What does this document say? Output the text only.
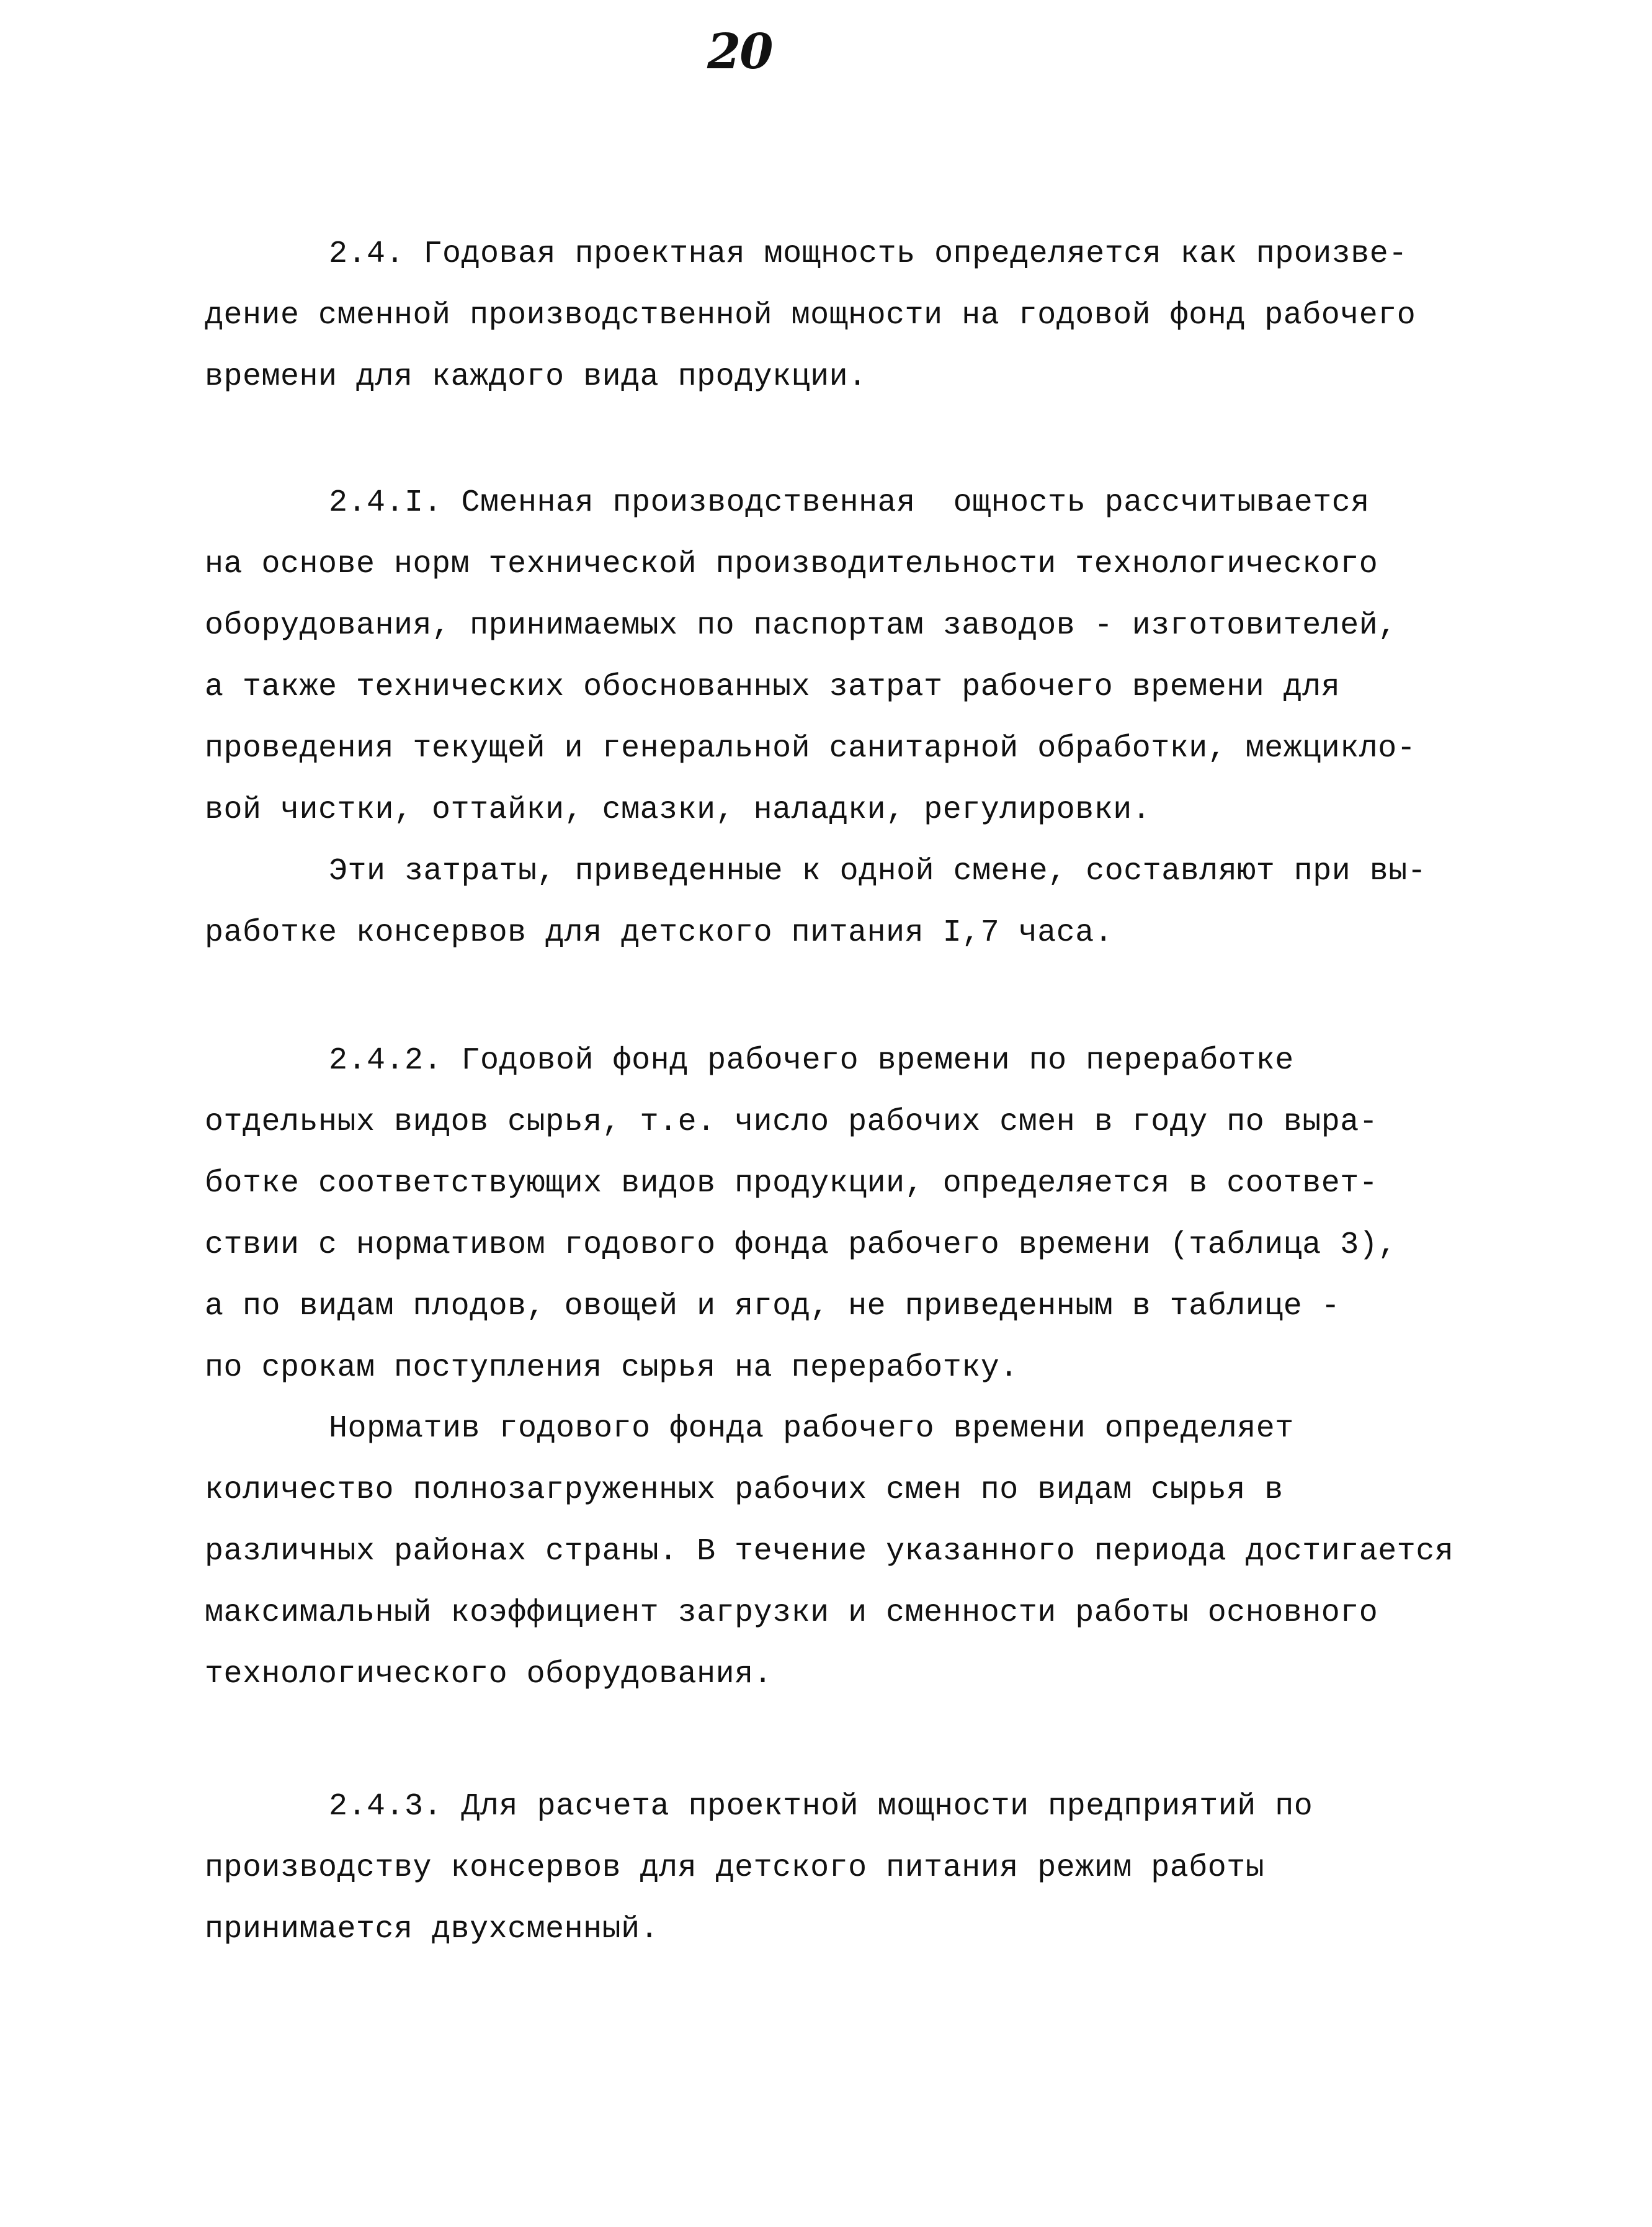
20
2.4. Годовая проектная мощность определяется как произве-
дение сменной производственной мощности на годовой фонд рабочего
времени для каждого вида продукции.
2.4.I. Сменная производственная  ощность рассчитывается
на основе норм технической производительности технологического
оборудования, принимаемых по паспортам заводов - изготовителей,
а также технических обоснованных затрат рабочего времени для
проведения текущей и генеральной санитарной обработки, межцикло-
вой чистки, оттайки, смазки, наладки, регулировки.
Эти затраты, приведенные к одной смене, составляют при вы-
работке консервов для детского питания I,7 часа.
2.4.2. Годовой фонд рабочего времени по переработке
отдельных видов сырья, т.е. число рабочих смен в году по выра-
ботке соответствующих видов продукции, определяется в соответ-
ствии с нормативом годового фонда рабочего времени (таблица 3),
а по видам плодов, овощей и ягод, не приведенным в таблице -
по срокам поступления сырья на переработку.
Норматив годового фонда рабочего времени определяет
количество полнозагруженных рабочих смен по видам сырья в
различных районах страны. В течение указанного периода достигается
максимальный коэффициент загрузки и сменности работы основного
технологического оборудования.
2.4.3. Для расчета проектной мощности предприятий по
производству консервов для детского питания режим работы
принимается двухсменный.
